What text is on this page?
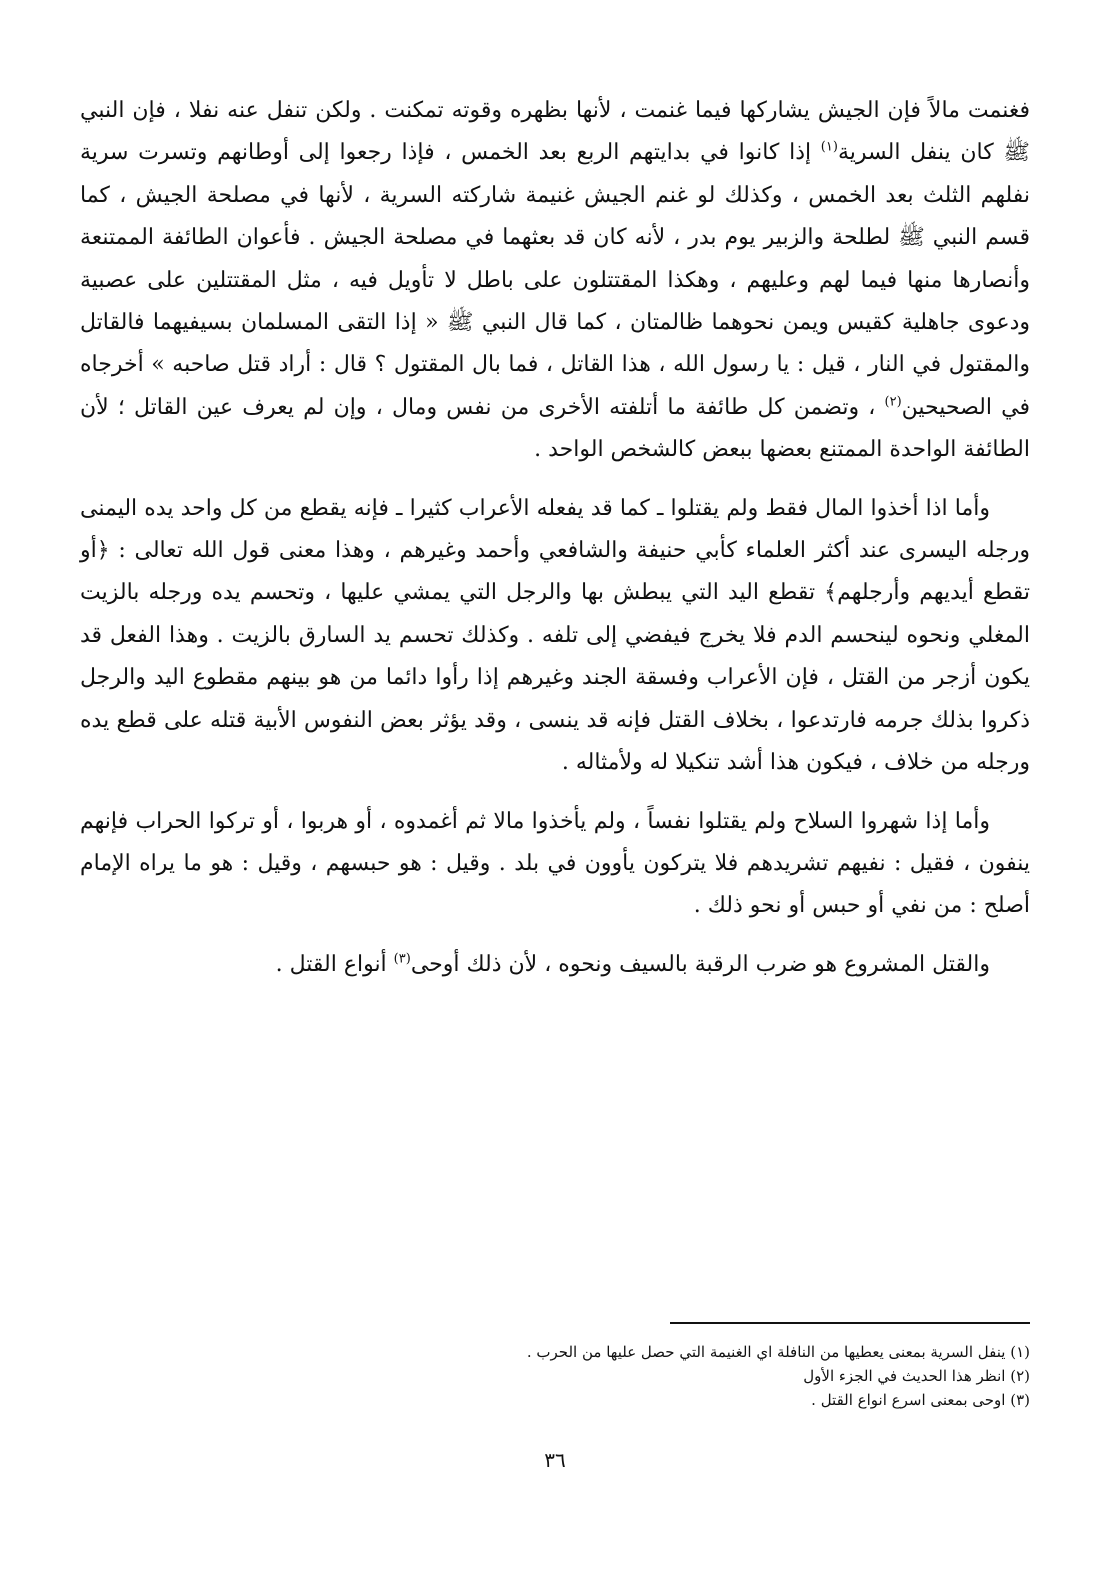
فغنمت مالاً فإن الجيش يشاركها فيما غنمت ، لأنها بظهره وقوته تمكنت . ولكن تنفل عنه نفلا ، فإن النبي ﷺ كان ينفل السرية$^{(١)}$ إذا كانوا في بدايتهم الربع بعد الخمس ، فإذا رجعوا إلى أوطانهم وتسرت سرية نفلهم الثلث بعد الخمس ، وكذلك لو غنم الجيش غنيمة شاركته السرية ، لأنها في مصلحة الجيش ، كما قسم النبي ﷺ لطلحة والزبير يوم بدر ، لأنه كان قد بعثهما في مصلحة الجيش . فأعوان الطائفة الممتنعة وأنصارها منها فيما لهم وعليهم ، وهكذا المقتتلون على باطل لا تأويل فيه ، مثل المقتتلين على عصبية ودعوى جاهلية كقيس ويمن نحوهما ظالمتان ، كما قال النبي ﷺ « إذا التقى المسلمان بسيفيهما فالقاتل والمقتول في النار ، قيل : يا رسول الله ، هذا القاتل ، فما بال المقتول ؟ قال : أراد قتل صاحبه » أخرجاه في الصحيحين$^{(٢)}$ ، وتضمن كل طائفة ما أتلفته الأخرى من نفس ومال ، وإن لم يعرف عين القاتل ؛ لأن الطائفة الواحدة الممتنع بعضها ببعض كالشخص الواحد .

وأما اذا أخذوا المال فقط ولم يقتلوا ـ كما قد يفعله الأعراب كثيرا ـ فإنه يقطع من كل واحد يده اليمنى ورجله اليسرى عند أكثر العلماء كأبي حنيفة والشافعي وأحمد وغيرهم ، وهذا معنى قول الله تعالى : ﴿أو تقطع أيديهم وأرجلهم﴾ تقطع اليد التي يبطش بها والرجل التي يمشي عليها ، وتحسم يده ورجله بالزيت المغلي ونحوه لينحسم الدم فلا يخرج فيفضي إلى تلفه . وكذلك تحسم يد السارق بالزيت . وهذا الفعل قد يكون أزجر من القتل ، فإن الأعراب وفسقة الجند وغيرهم إذا رأوا دائما من هو بينهم مقطوع اليد والرجل ذكروا بذلك جرمه فارتدعوا ، بخلاف القتل فإنه قد ينسى ، وقد يؤثر بعض النفوس الأبية قتله على قطع يده ورجله من خلاف ، فيكون هذا أشد تنكيلا له ولأمثاله .

وأما إذا شهروا السلاح ولم يقتلوا نفساً ، ولم يأخذوا مالا ثم أغمدوه ، أو هربوا ، أو تركوا الحراب فإنهم ينفون ، فقيل : نفيهم تشريدهم فلا يتركون يأوون في بلد . وقيل : هو حبسهم ، وقيل : هو ما يراه الإمام أصلح : من نفي أو حبس أو نحو ذلك .

والقتل المشروع هو ضرب الرقبة بالسيف ونحوه ، لأن ذلك أوحى$^{(٣)}$ أنواع القتل .

(١) ينفل السرية بمعنى يعطيها من النافلة اي الغنيمة التي حصل عليها من الحرب .

(٢) انظر هذا الحديث في الجزء الأول

(٣) اوحى بمعنى اسرع انواع القتل .

٣٦
